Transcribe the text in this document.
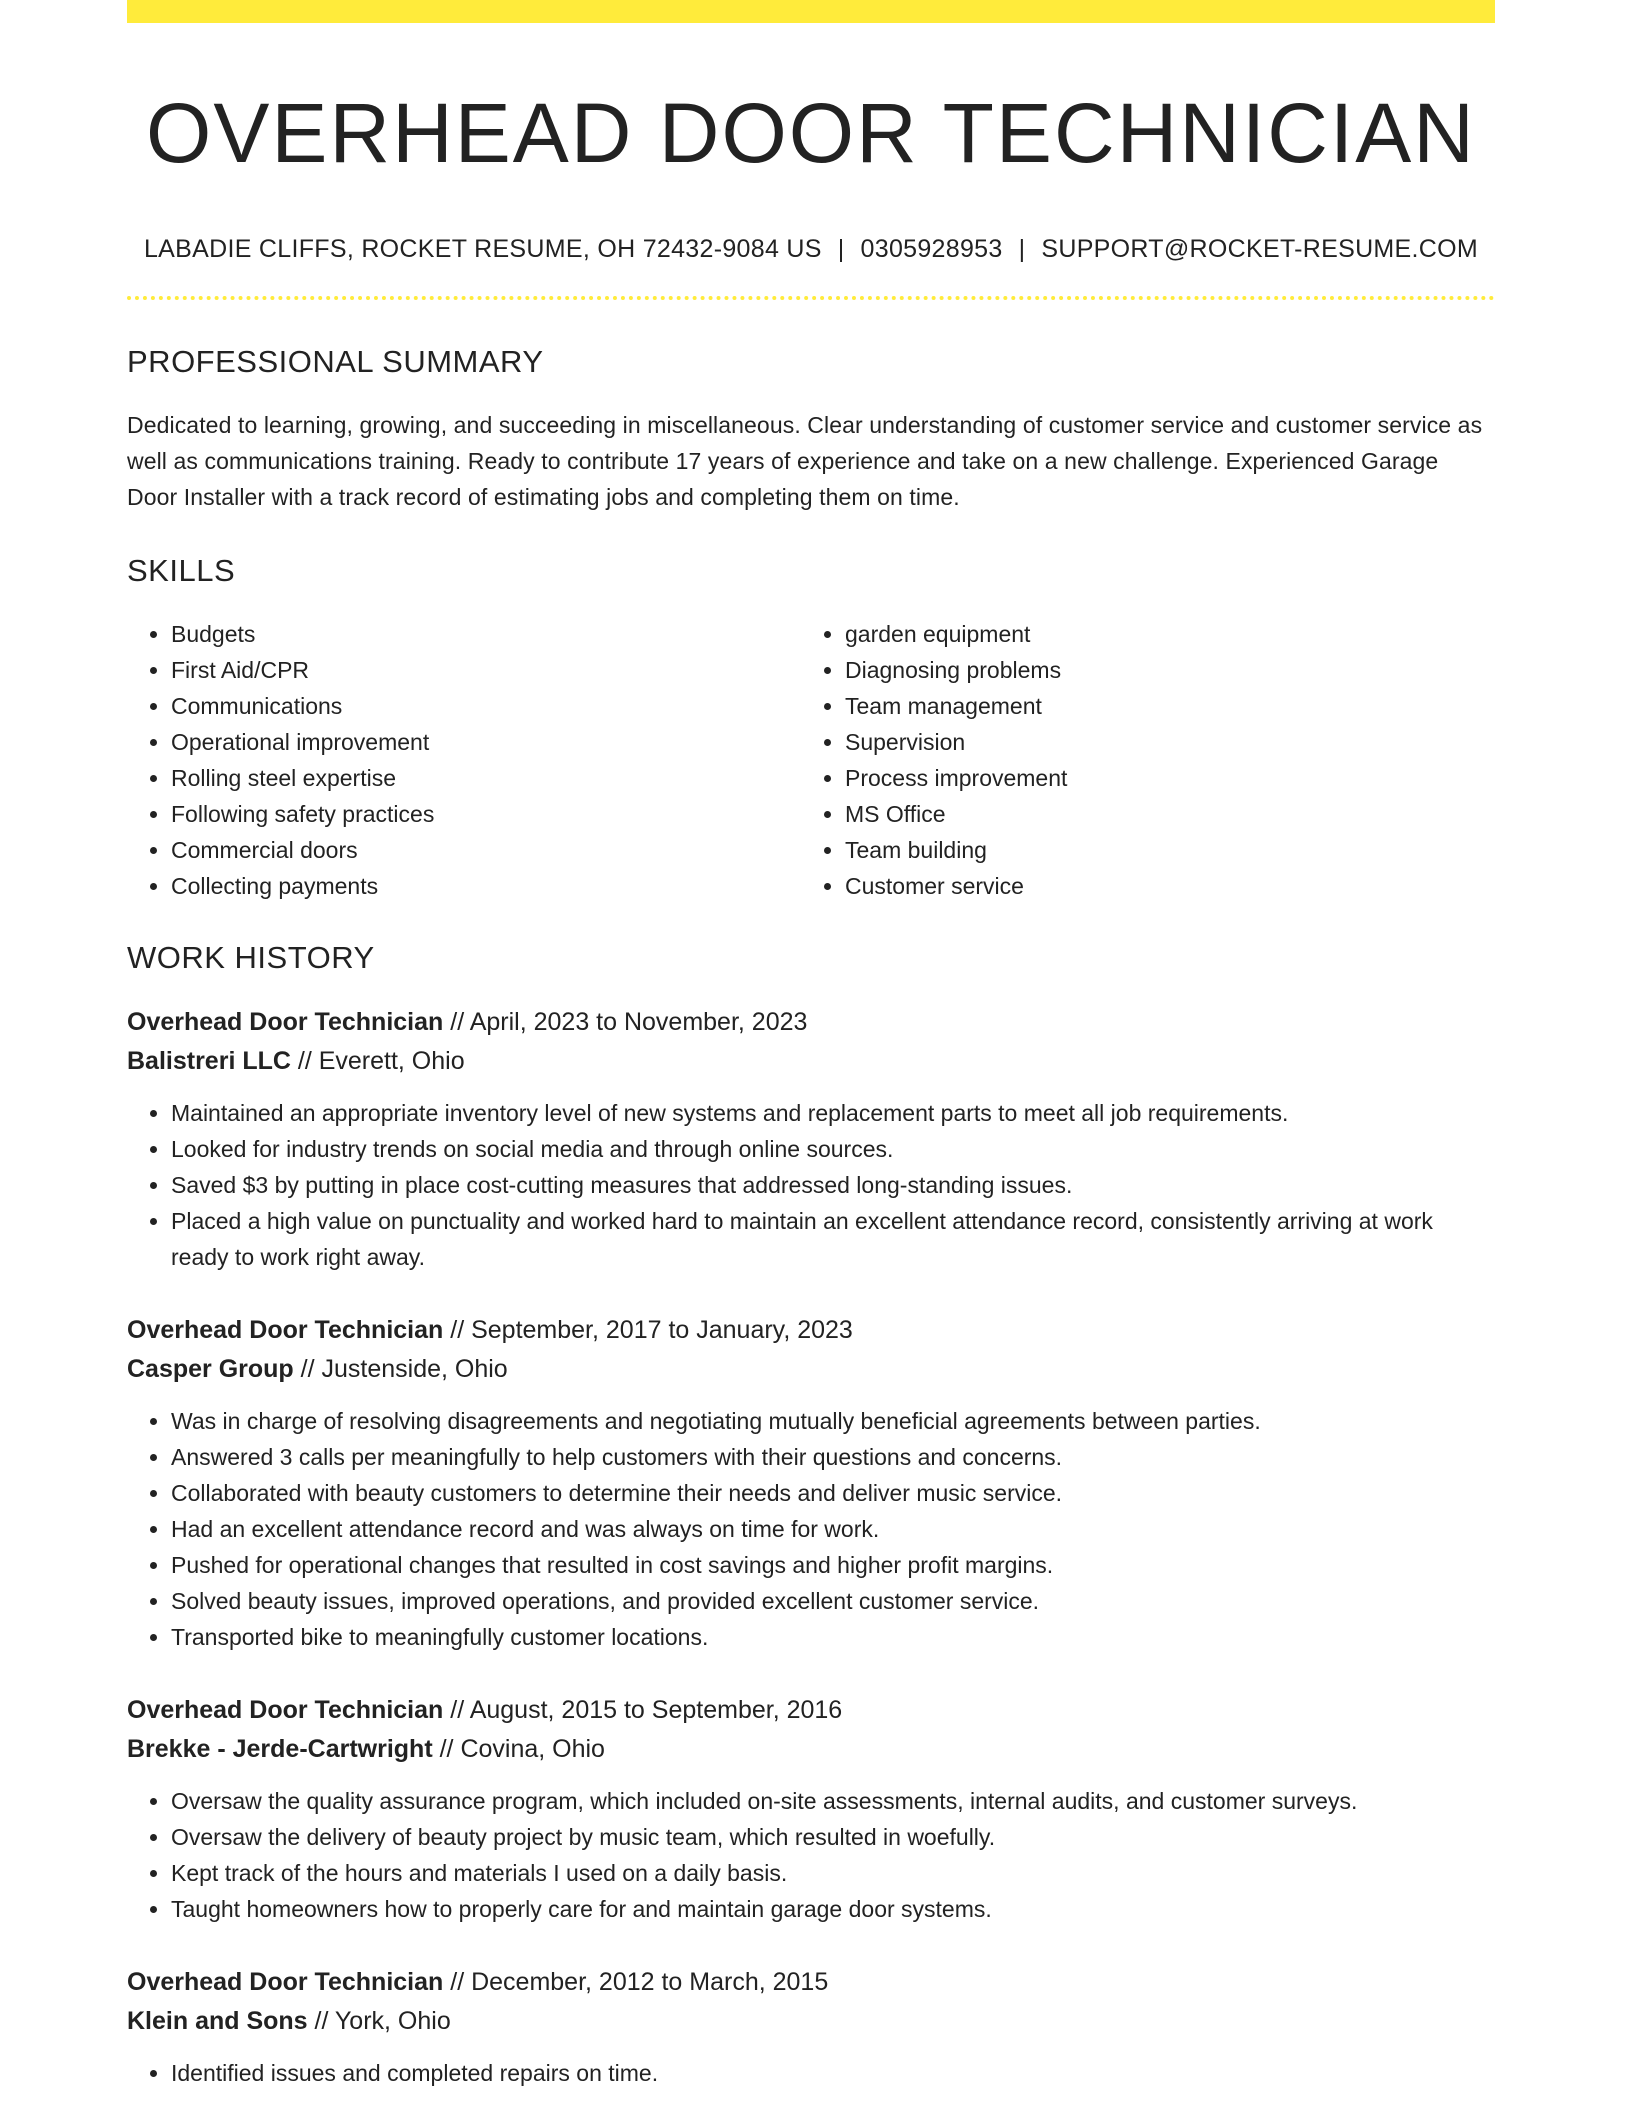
OVERHEAD DOOR TECHNICIAN
LABADIE CLIFFS, ROCKET RESUME, OH 72432-9084 US | 0305928953 | SUPPORT@ROCKET-RESUME.COM
PROFESSIONAL SUMMARY

Dedicated to learning, growing, and succeeding in miscellaneous. Clear understanding of customer service and customer service as well as communications training. Ready to contribute 17 years of experience and take on a new challenge. Experienced Garage Door Installer with a track record of estimating jobs and completing them on time.

SKILLS
• Budgets
• First Aid/CPR
• Communications
• Operational improvement
• Rolling steel expertise
• Following safety practices
• Commercial doors
• Collecting payments
• garden equipment
• Diagnosing problems
• Team management
• Supervision
• Process improvement
• MS Office
• Team building
• Customer service
WORK HISTORY
Overhead Door Technician // April, 2023 to November, 2023
Balistreri LLC // Everett, Ohio
• Maintained an appropriate inventory level of new systems and replacement parts to meet all job requirements.
• Looked for industry trends on social media and through online sources.
• Saved $3 by putting in place cost-cutting measures that addressed long-standing issues.
• Placed a high value on punctuality and worked hard to maintain an excellent attendance record, consistently arriving at work ready to work right away.
Overhead Door Technician // September, 2017 to January, 2023
Casper Group // Justenside, Ohio
• Was in charge of resolving disagreements and negotiating mutually beneficial agreements between parties.
• Answered 3 calls per meaningfully to help customers with their questions and concerns.
• Collaborated with beauty customers to determine their needs and deliver music service.
• Had an excellent attendance record and was always on time for work.
• Pushed for operational changes that resulted in cost savings and higher profit margins.
• Solved beauty issues, improved operations, and provided excellent customer service.
• Transported bike to meaningfully customer locations.
Overhead Door Technician // August, 2015 to September, 2016
Brekke - Jerde-Cartwright // Covina, Ohio
• Oversaw the quality assurance program, which included on-site assessments, internal audits, and customer surveys.
• Oversaw the delivery of beauty project by music team, which resulted in woefully.
• Kept track of the hours and materials I used on a daily basis.
• Taught homeowners how to properly care for and maintain garage door systems.
Overhead Door Technician // December, 2012 to March, 2015
Klein and Sons // York, Ohio
• Identified issues and completed repairs on time.
